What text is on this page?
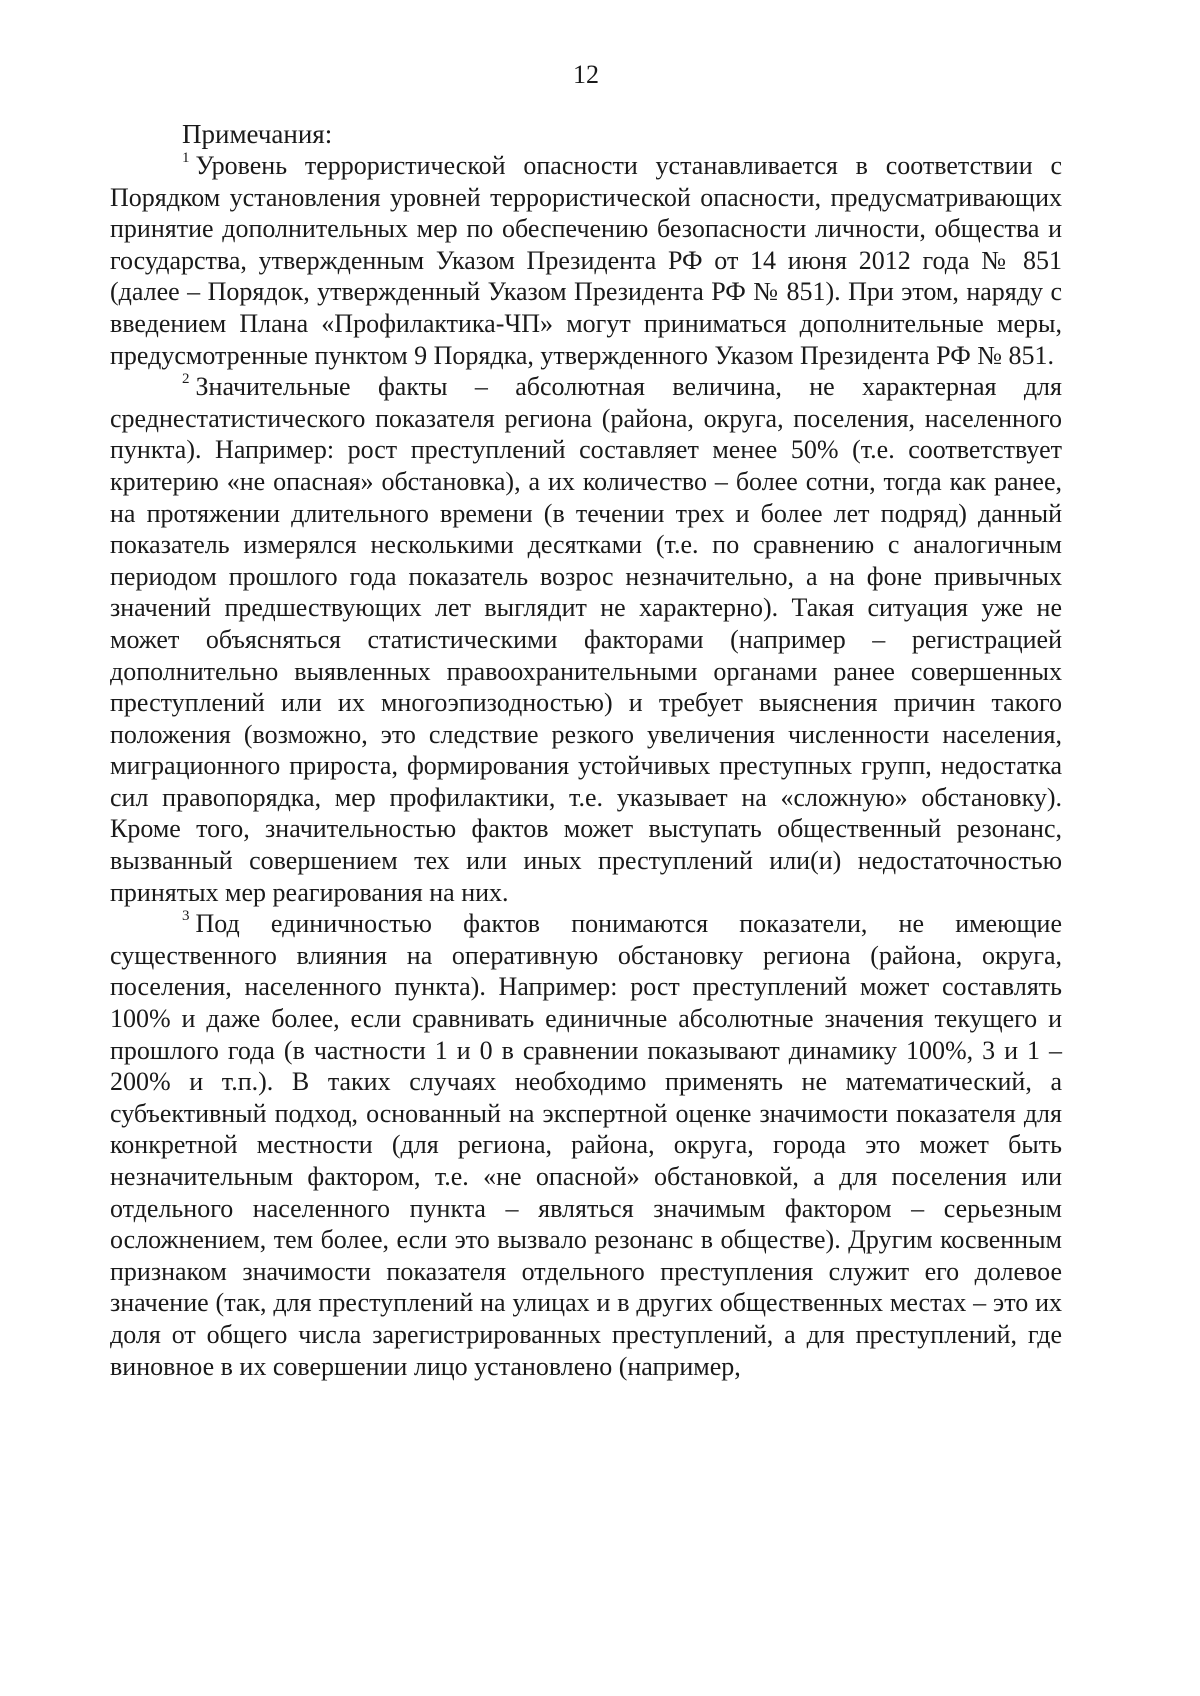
12
Примечания:

$^1$ Уровень террористической опасности устанавливается в соответствии с Порядком установления уровней террористической опасности, предусматривающих принятие дополнительных мер по обеспечению безопасности личности, общества и государства, утвержденным Указом Президента РФ от 14 июня 2012 года № 851 (далее – Порядок, утвержденный Указом Президента РФ № 851). При этом, наряду с введением Плана «Профилактика-ЧП» могут приниматься дополнительные меры, предусмотренные пунктом 9 Порядка, утвержденного Указом Президента РФ № 851.

$^2$ Значительные факты – абсолютная величина, не характерная для среднестатистического показателя региона (района, округа, поселения, населенного пункта). Например: рост преступлений составляет менее 50% (т.е. соответствует критерию «не опасная» обстановка), а их количество – более сотни, тогда как ранее, на протяжении длительного времени (в течении трех и более лет подряд) данный показатель измерялся несколькими десятками (т.е. по сравнению с аналогичным периодом прошлого года показатель возрос незначительно, а на фоне привычных значений предшествующих лет выглядит не характерно). Такая ситуация уже не может объясняться статистическими факторами (например – регистрацией дополнительно выявленных правоохранительными органами ранее совершенных преступлений или их многоэпизодностью) и требует выяснения причин такого положения (возможно, это следствие резкого увеличения численности населения, миграционного прироста, формирования устойчивых преступных групп, недостатка сил правопорядка, мер профилактики, т.е. указывает на «сложную» обстановку). Кроме того, значительностью фактов может выступать общественный резонанс, вызванный совершением тех или иных преступлений или(и) недостаточностью принятых мер реагирования на них.

$^3$ Под единичностью фактов понимаются показатели, не имеющие существенного влияния на оперативную обстановку региона (района, округа, поселения, населенного пункта). Например: рост преступлений может составлять 100% и даже более, если сравнивать единичные абсолютные значения текущего и прошлого года (в частности 1 и 0 в сравнении показывают динамику 100%, 3 и 1 – 200% и т.п.). В таких случаях необходимо применять не математический, а субъективный подход, основанный на экспертной оценке значимости показателя для конкретной местности (для региона, района, округа, города это может быть незначительным фактором, т.е. «не опасной» обстановкой, а для поселения или отдельного населенного пункта – являться значимым фактором – серьезным осложнением, тем более, если это вызвало резонанс в обществе). Другим косвенным признаком значимости показателя отдельного преступления служит его долевое значение (так, для преступлений на улицах и в других общественных местах – это их доля от общего числа зарегистрированных преступлений, а для преступлений, где виновное в их совершении лицо установлено (например,
